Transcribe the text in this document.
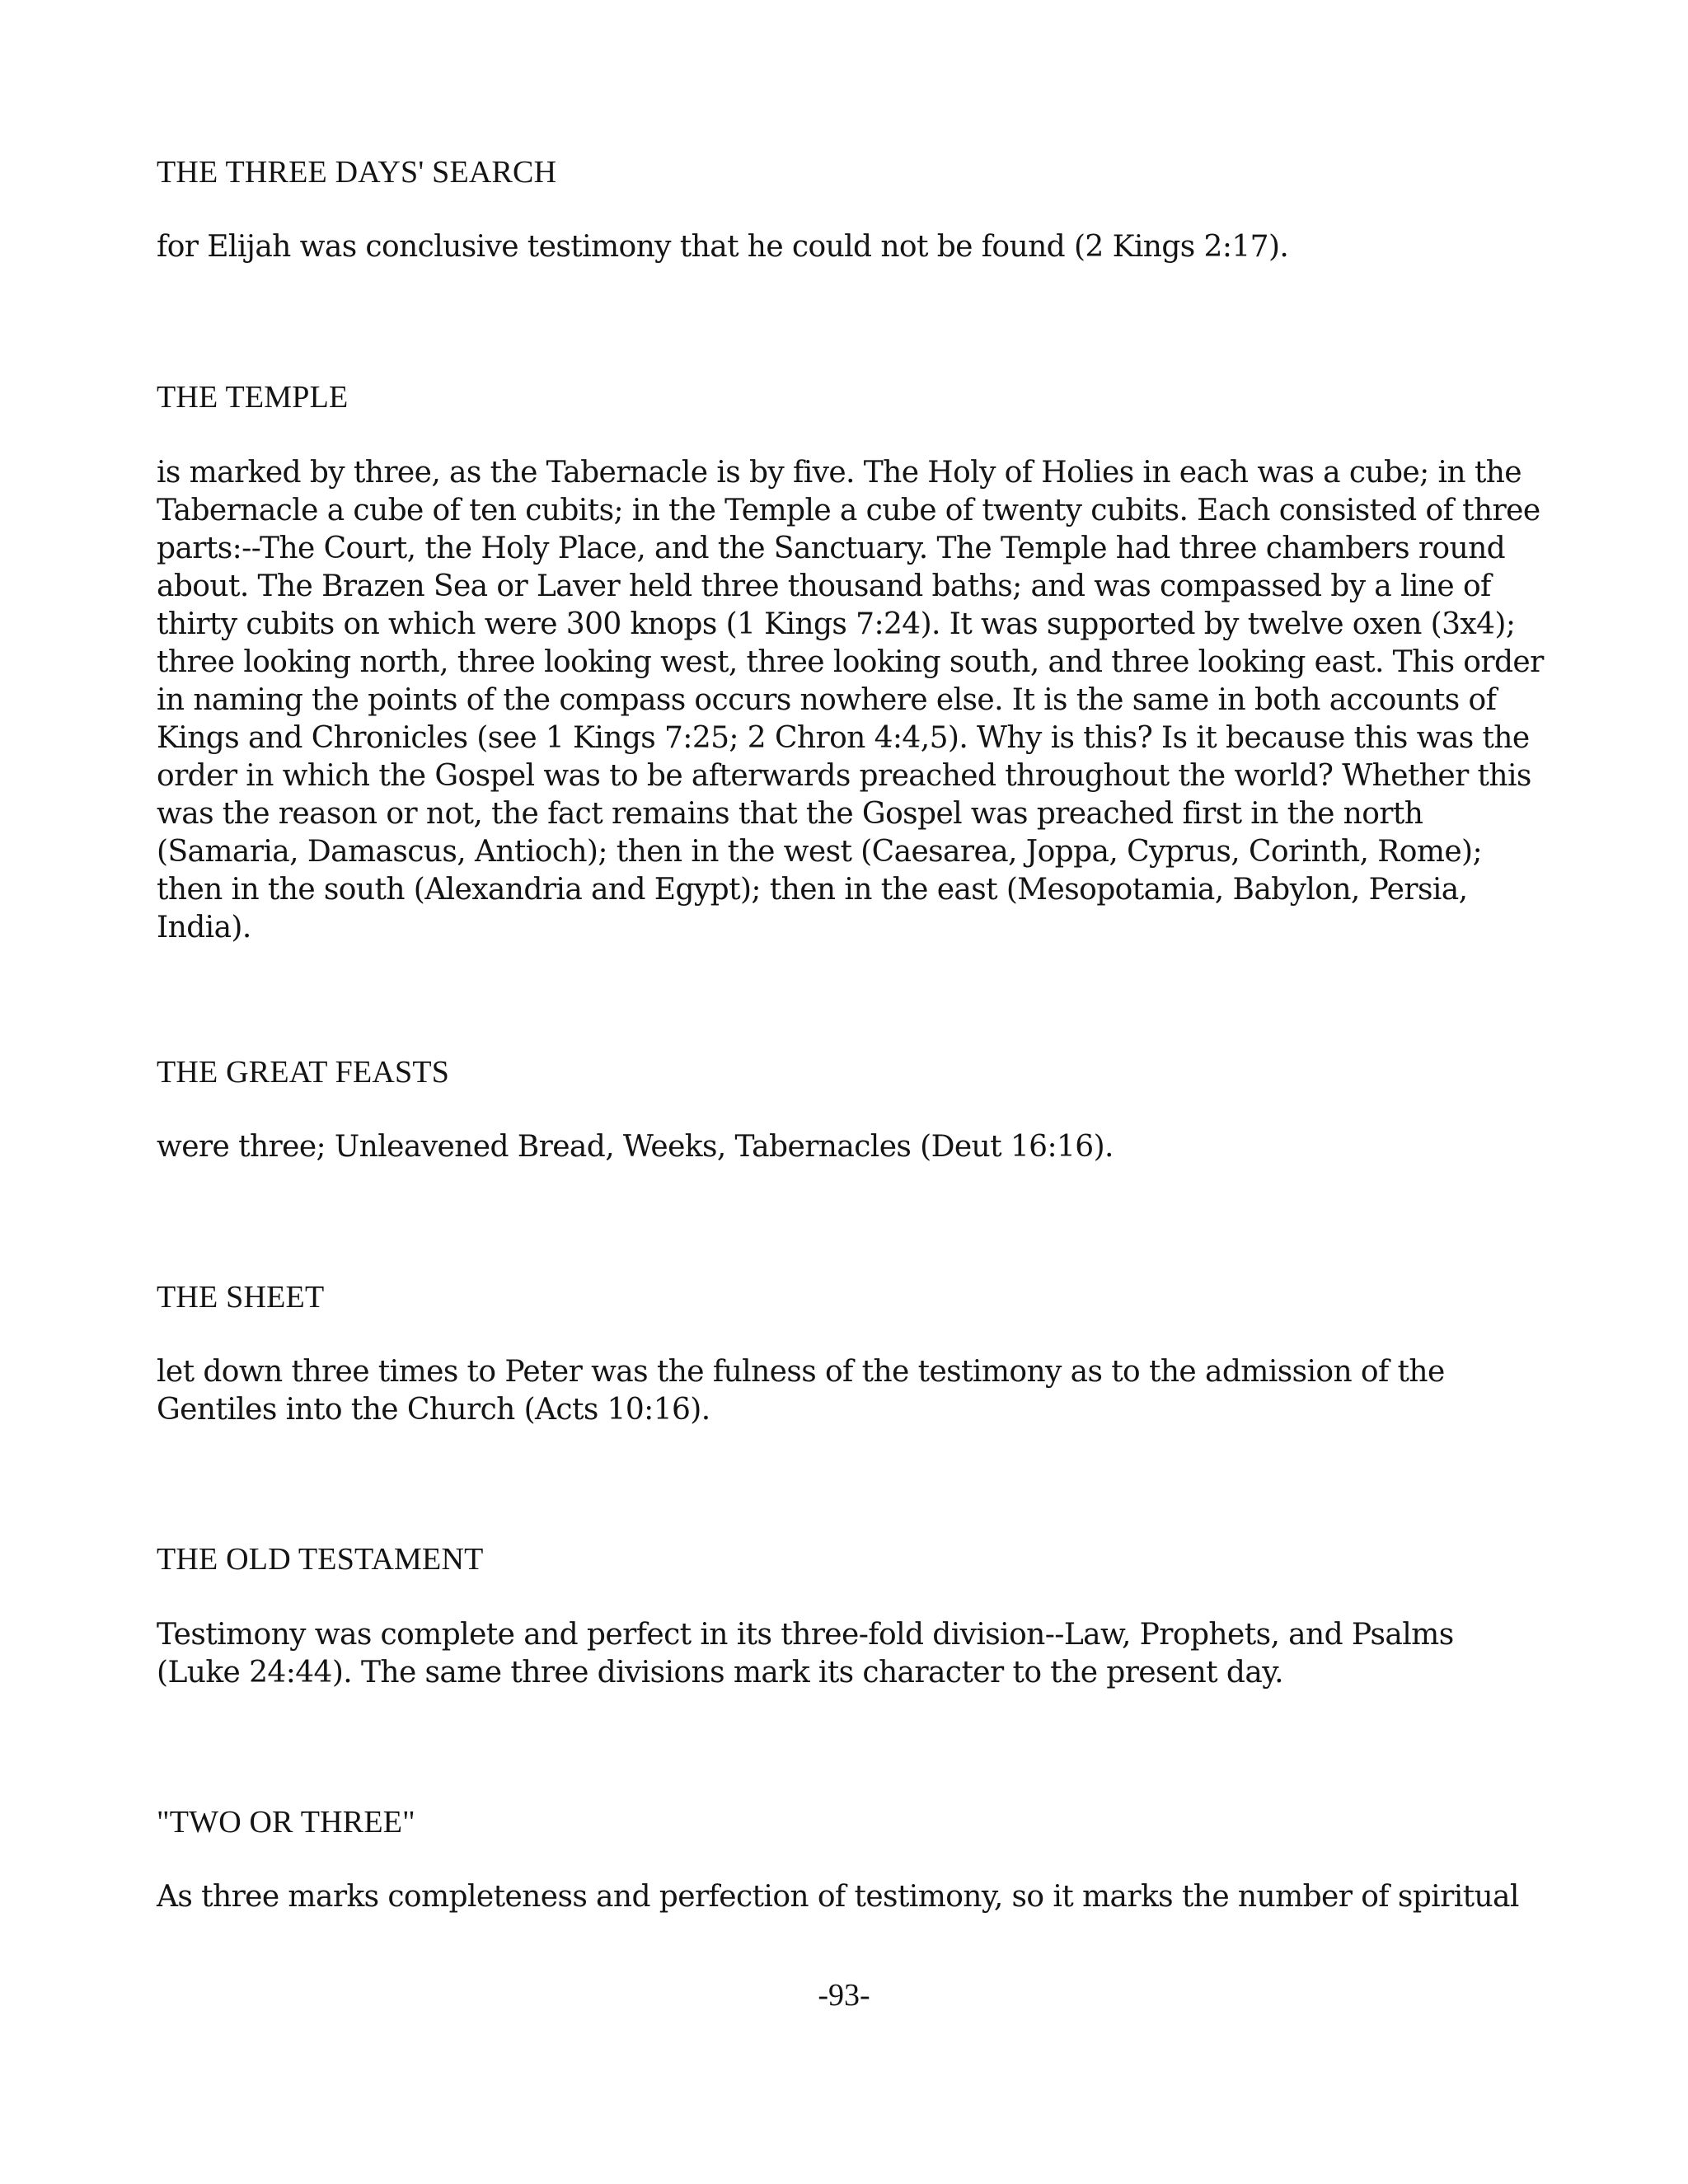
THE THREE DAYS' SEARCH
for Elijah was conclusive testimony that he could not be found (2 Kings 2:17).
THE TEMPLE
is marked by three, as the Tabernacle is by five. The Holy of Holies in each was a cube; in the
Tabernacle a cube of ten cubits; in the Temple a cube of twenty cubits. Each consisted of three
parts:--The Court, the Holy Place, and the Sanctuary. The Temple had three chambers round
about. The Brazen Sea or Laver held three thousand baths; and was compassed by a line of
thirty cubits on which were 300 knops (1 Kings 7:24). It was supported by twelve oxen (3x4);
three looking north, three looking west, three looking south, and three looking east. This order
in naming the points of the compass occurs nowhere else. It is the same in both accounts of
Kings and Chronicles (see 1 Kings 7:25; 2 Chron 4:4,5). Why is this? Is it because this was the
order in which the Gospel was to be afterwards preached throughout the world? Whether this
was the reason or not, the fact remains that the Gospel was preached first in the north
(Samaria, Damascus, Antioch); then in the west (Caesarea, Joppa, Cyprus, Corinth, Rome);
then in the south (Alexandria and Egypt); then in the east (Mesopotamia, Babylon, Persia,
India).
THE GREAT FEASTS
were three; Unleavened Bread, Weeks, Tabernacles (Deut 16:16).
THE SHEET
let down three times to Peter was the fulness of the testimony as to the admission of the
Gentiles into the Church (Acts 10:16).
THE OLD TESTAMENT
Testimony was complete and perfect in its three-fold division--Law, Prophets, and Psalms
(Luke 24:44). The same three divisions mark its character to the present day.
"TWO OR THREE"
As three marks completeness and perfection of testimony, so it marks the number of spiritual
-93-
